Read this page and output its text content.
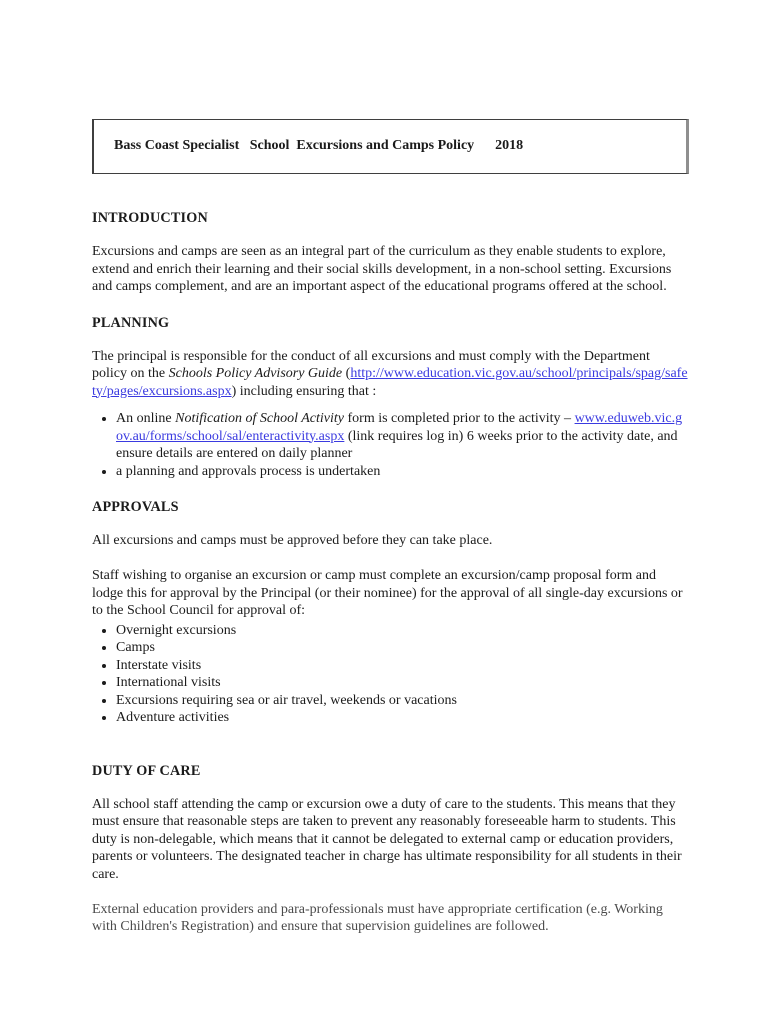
Bass Coast Specialist   School  Excursions and Camps Policy      2018

INTRODUCTION

Excursions and camps are seen as an integral part of the curriculum as they enable students to explore, extend and enrich their learning and their social skills development, in a non-school setting. Excursions and camps complement, and are an important aspect of the educational programs offered at the school.

PLANNING

The principal is responsible for the conduct of all excursions and must comply with the Department policy on the Schools Policy Advisory Guide (http://www.education.vic.gov.au/school/principals/spag/safety/pages/excursions.aspx) including ensuring that :

• An online Notification of School Activity form is completed prior to the activity – www.eduweb.vic.gov.au/forms/school/sal/enteractivity.aspx (link requires log in) 6 weeks prior to the activity date, and ensure details are entered on daily planner
• a planning and approvals process is undertaken
APPROVALS

All excursions and camps must be approved before they can take place.

Staff wishing to organise an excursion or camp must complete an excursion/camp proposal form and lodge this for approval by the Principal (or their nominee) for the approval of all single-day excursions or to the School Council for approval of:

• Overnight excursions
• Camps
• Interstate visits
• International visits
• Excursions requiring sea or air travel, weekends or vacations
• Adventure activities
DUTY OF CARE

All school staff attending the camp or excursion owe a duty of care to the students. This means that they must ensure that reasonable steps are taken to prevent any reasonably foreseeable harm to students. This duty is non-delegable, which means that it cannot be delegated to external camp or education providers, parents or volunteers. The designated teacher in charge has ultimate responsibility for all students in their care.

External education providers and para-professionals must have appropriate certification (e.g. Working with Children's Registration) and ensure that supervision guidelines are followed.
